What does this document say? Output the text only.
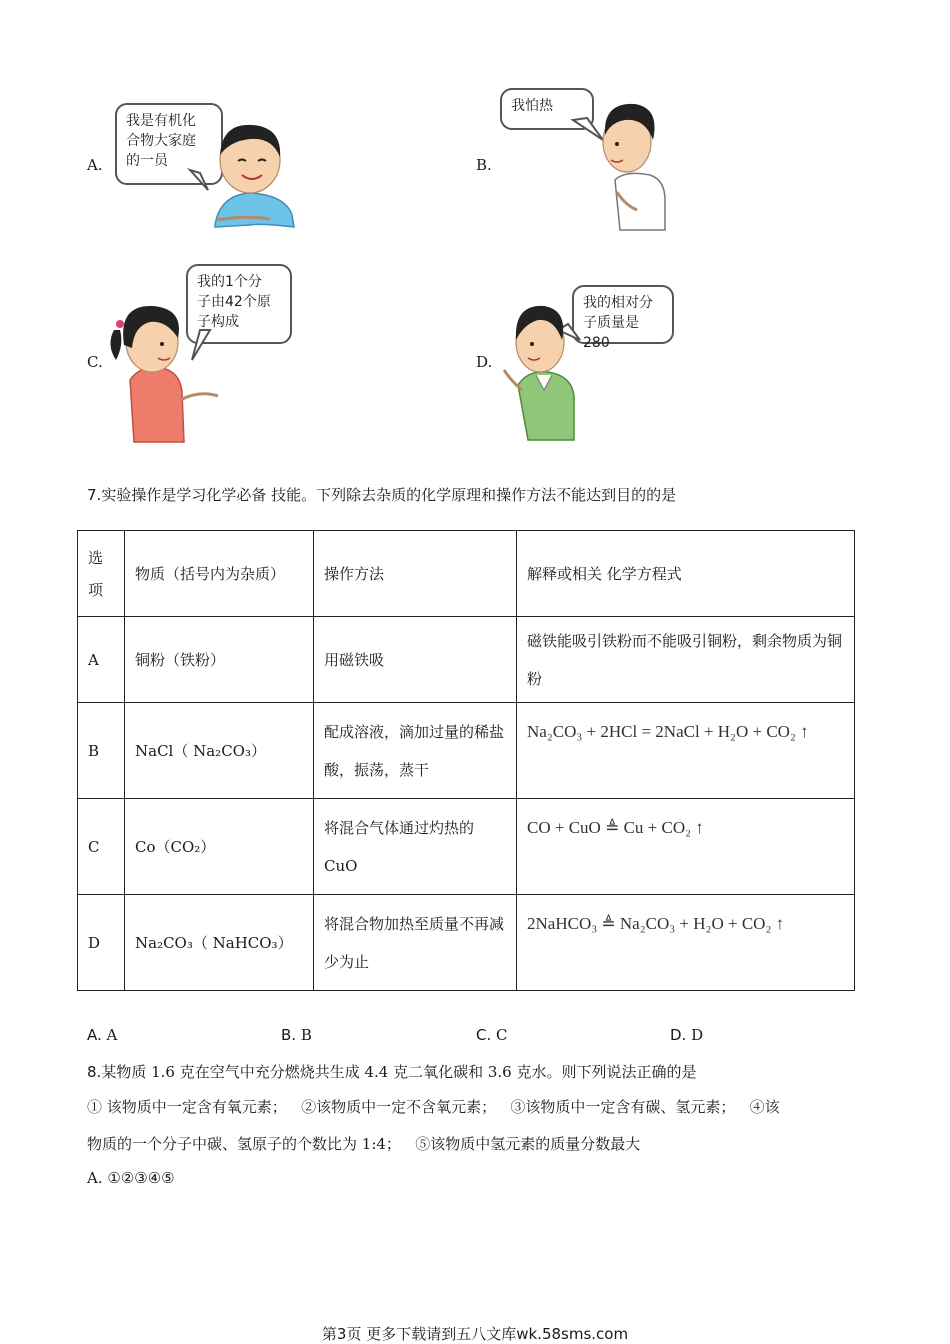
A.
我是有机化
合物大家庭
的一员	B.
我怕热
C.
我的1个分
子由42个原
子构成
D.
我的相对分
子质量是280
7.实验操作是学习化学必备 技能。下列除去杂质的化学原理和操作方法不能达到目的的是
选项	物质（括号内为杂质）	操作方法	解释或相关 化学方程式
A	铜粉（铁粉）	用磁铁吸	磁铁能吸引铁粉而不能吸引铜粉，剩余物质为铜粉
B	NaCl（ Na₂CO₃）	配成溶液，滴加过量的稀盐酸，振荡，蒸干	Na₂CO₃ + 2HCl = 2NaCl + H₂O + CO₂ ↑
C	Co（CO₂）	将混合气体通过灼热的CuO	CO + CuO ≜ Cu + CO₂ ↑
D	Na₂CO₃（ NaHCO₃）	将混合物加热至质量不再减少为止	2NaHCO₃ ≜ Na₂CO₃ + H₂O + CO₂ ↑
A. A	B. B	C. C	D. D
8.某物质 1.6 克在空气中充分燃烧共生成 4.4 克二氧化碳和 3.6 克水。则下列说法正确的是
① 该物质中一定含有氧元素；   ②该物质中一定不含氧元素；   ③该物质中一定含有碳、氢元素；   ④该
物质的一个分子中碳、氢原子的个数比为 1:4；   ⑤该物质中氢元素的质量分数最大
A. ①②③④⑤
第3页 更多下载请到五八文库wk.58sms.com
